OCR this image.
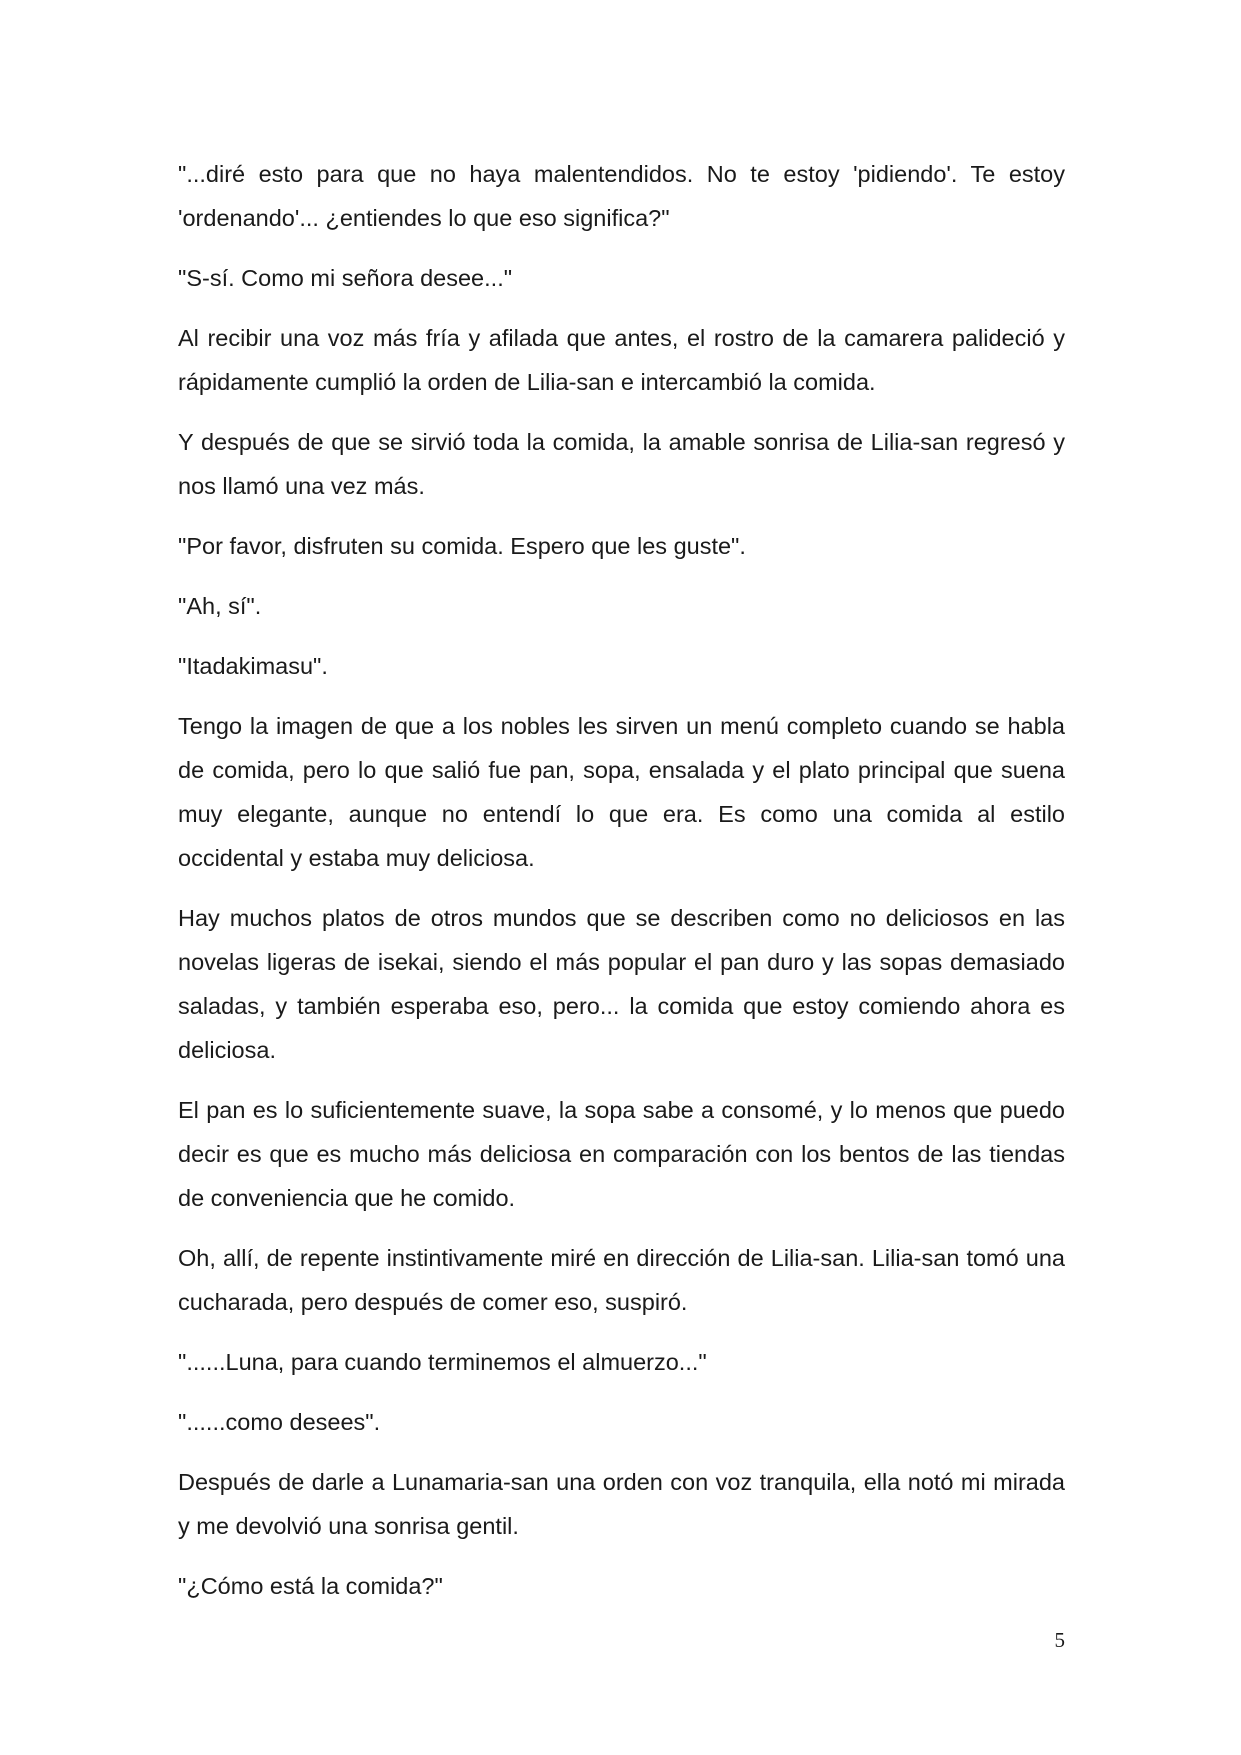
"...diré esto para que no haya malentendidos. No te estoy 'pidiendo'. Te estoy 'ordenando'... ¿entiendes lo que eso significa?"

"S-sí. Como mi señora desee..."

Al recibir una voz más fría y afilada que antes, el rostro de la camarera palideció y rápidamente cumplió la orden de Lilia-san e intercambió la comida.

Y después de que se sirvió toda la comida, la amable sonrisa de Lilia-san regresó y nos llamó una vez más.

"Por favor, disfruten su comida. Espero que les guste".

"Ah, sí".

"Itadakimasu".

Tengo la imagen de que a los nobles les sirven un menú completo cuando se habla de comida, pero lo que salió fue pan, sopa, ensalada y el plato principal que suena muy elegante, aunque no entendí lo que era. Es como una comida al estilo occidental y estaba muy deliciosa.

Hay muchos platos de otros mundos que se describen como no deliciosos en las novelas ligeras de isekai, siendo el más popular el pan duro y las sopas demasiado saladas, y también esperaba eso, pero... la comida que estoy comiendo ahora es deliciosa.

El pan es lo suficientemente suave, la sopa sabe a consomé, y lo menos que puedo decir es que es mucho más deliciosa en comparación con los bentos de las tiendas de conveniencia que he comido.

Oh, allí, de repente instintivamente miré en dirección de Lilia-san. Lilia-san tomó una cucharada, pero después de comer eso, suspiró.

"......Luna, para cuando terminemos el almuerzo..."

"......como desees".

Después de darle a Lunamaria-san una orden con voz tranquila, ella notó mi mirada y me devolvió una sonrisa gentil.

"¿Cómo está la comida?"

5
